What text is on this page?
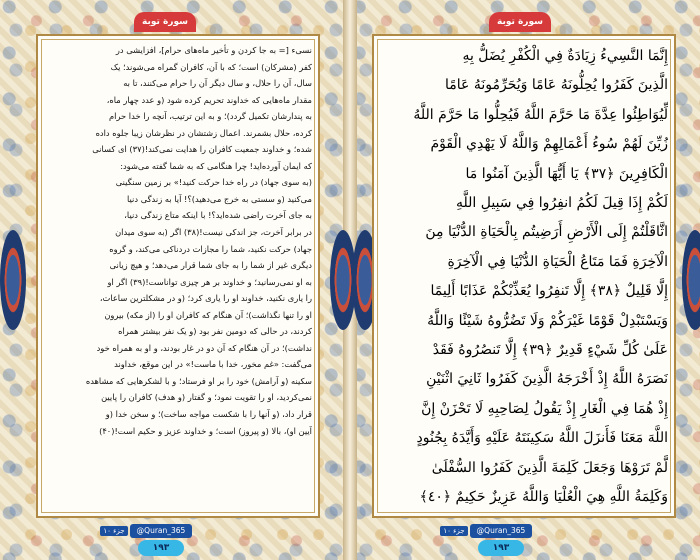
سورة توبة	سورة توبة

نسیء [= به جا کردن و تأخیر ماه‌های حرام]، افزایشی در

کفر (مشرکان) است؛ که با آن، کافران گمراه می‌شوند؛ یک

سال، آن را حلال، و سال دیگر آن را حرام می‌کنند، تا به

مقدار ماه‌هایی که خداوند تحریم کرده شود (و عدد چهار ماه،

به پندارشان تکمیل گردد)؛ و به این ترتیب، آنچه را خدا حرام

کرده، حلال بشمرند. اعمال زشتشان در نظرشان زیبا جلوه داده

شده؛ و خداوند جمعیت کافران را هدایت نمی‌کند!(۳۷) ای کسانی

که ایمان آورده‌اید! چرا هنگامی که به شما گفته می‌شود:

(به سوی جهاد) در راه خدا حرکت کنید!» بر زمین سنگینی

می‌کنید (و سستی به خرج می‌دهید)؟! آیا به زندگی دنیا

به جای آخرت راضی شده‌اید؟! با اینکه متاع زندگی دنیا،

در برابر آخرت، جز اندکی نیست!(۳۸) اگر (به سوی میدان

جهاد) حرکت نکنید، شما را مجازات دردناکی می‌کند، و گروه

دیگری غیر از شما را به جای شما قرار می‌دهد؛ و هیچ زیانی

به او نمی‌رسانید؛ و خداوند بر هر چیزی تواناست!(۳۹) اگر او

را یاری نکنید، خداوند او را یاری کرد؛ (و در مشکلترین ساعات،

او را تنها نگذاشت)؛ آن هنگام که کافران او را (از مکه) بیرون

کردند، در حالی که دومین نفر بود (و یک نفر بیشتر همراه

نداشت)؛ در آن هنگام که آن دو در غار بودند، و او به همراه خود

می‌گفت: «غم مخور، خدا با ماست!» در این موقع، خداوند

سکینه (و آرامش) خود را بر او فرستاد؛ و با لشکرهایی که مشاهده

نمی‌کردید، او را تقویت نمود؛ و گفتار (و هدف) کافران را پایین

قرار داد، (و آنها را با شکست مواجه ساخت)؛ و سخن خدا (و

آیین او)، بالا (و پیروز) است؛ و خداوند عزیز و حکیم است!(۴۰)

إِنَّمَا النَّسِيءُ زِيَادَةٌ فِي الْكُفْرِ يُضَلُّ بِهِ

الَّذِينَ كَفَرُوا يُحِلُّونَهُ عَامًا وَيُحَرِّمُونَهُ عَامًا

لِّيُوَاطِئُوا عِدَّةَ مَا حَرَّمَ اللَّهُ فَيُحِلُّوا مَا حَرَّمَ اللَّهُ

زُيِّنَ لَهُمْ سُوءُ أَعْمَالِهِمْ وَاللَّهُ لَا يَهْدِي الْقَوْمَ

الْكَافِرِينَ ﴿٣٧﴾ يَا أَيُّهَا الَّذِينَ آمَنُوا مَا

لَكُمْ إِذَا قِيلَ لَكُمُ انفِرُوا فِي سَبِيلِ اللَّهِ

اثَّاقَلْتُمْ إِلَى الْأَرْضِ أَرَضِيتُم بِالْحَيَاةِ الدُّنْيَا مِنَ

الْآخِرَةِ فَمَا مَتَاعُ الْحَيَاةِ الدُّنْيَا فِي الْآخِرَةِ

إِلَّا قَلِيلٌ ﴿٣٨﴾ إِلَّا تَنفِرُوا يُعَذِّبْكُمْ عَذَابًا أَلِيمًا

وَيَسْتَبْدِلْ قَوْمًا غَيْرَكُمْ وَلَا تَضُرُّوهُ شَيْئًا وَاللَّهُ

عَلَىٰ كُلِّ شَيْءٍ قَدِيرٌ ﴿٣٩﴾ إِلَّا تَنصُرُوهُ فَقَدْ

نَصَرَهُ اللَّهُ إِذْ أَخْرَجَهُ الَّذِينَ كَفَرُوا ثَانِيَ اثْنَيْنِ

إِذْ هُمَا فِي الْغَارِ إِذْ يَقُولُ لِصَاحِبِهِ لَا تَحْزَنْ إِنَّ

اللَّهَ مَعَنَا فَأَنزَلَ اللَّهُ سَكِينَتَهُ عَلَيْهِ وَأَيَّدَهُ بِجُنُودٍ

لَّمْ تَرَوْهَا وَجَعَلَ كَلِمَةَ الَّذِينَ كَفَرُوا السُّفْلَىٰ

وَكَلِمَةُ اللَّهِ هِيَ الْعُلْيَا وَاللَّهُ عَزِيزٌ حَكِيمٌ ﴿٤٠﴾

جزء ۱۰	@Quran_365
۱۹۳
جزء ۱۰	@Quran_365
۱۹۳
